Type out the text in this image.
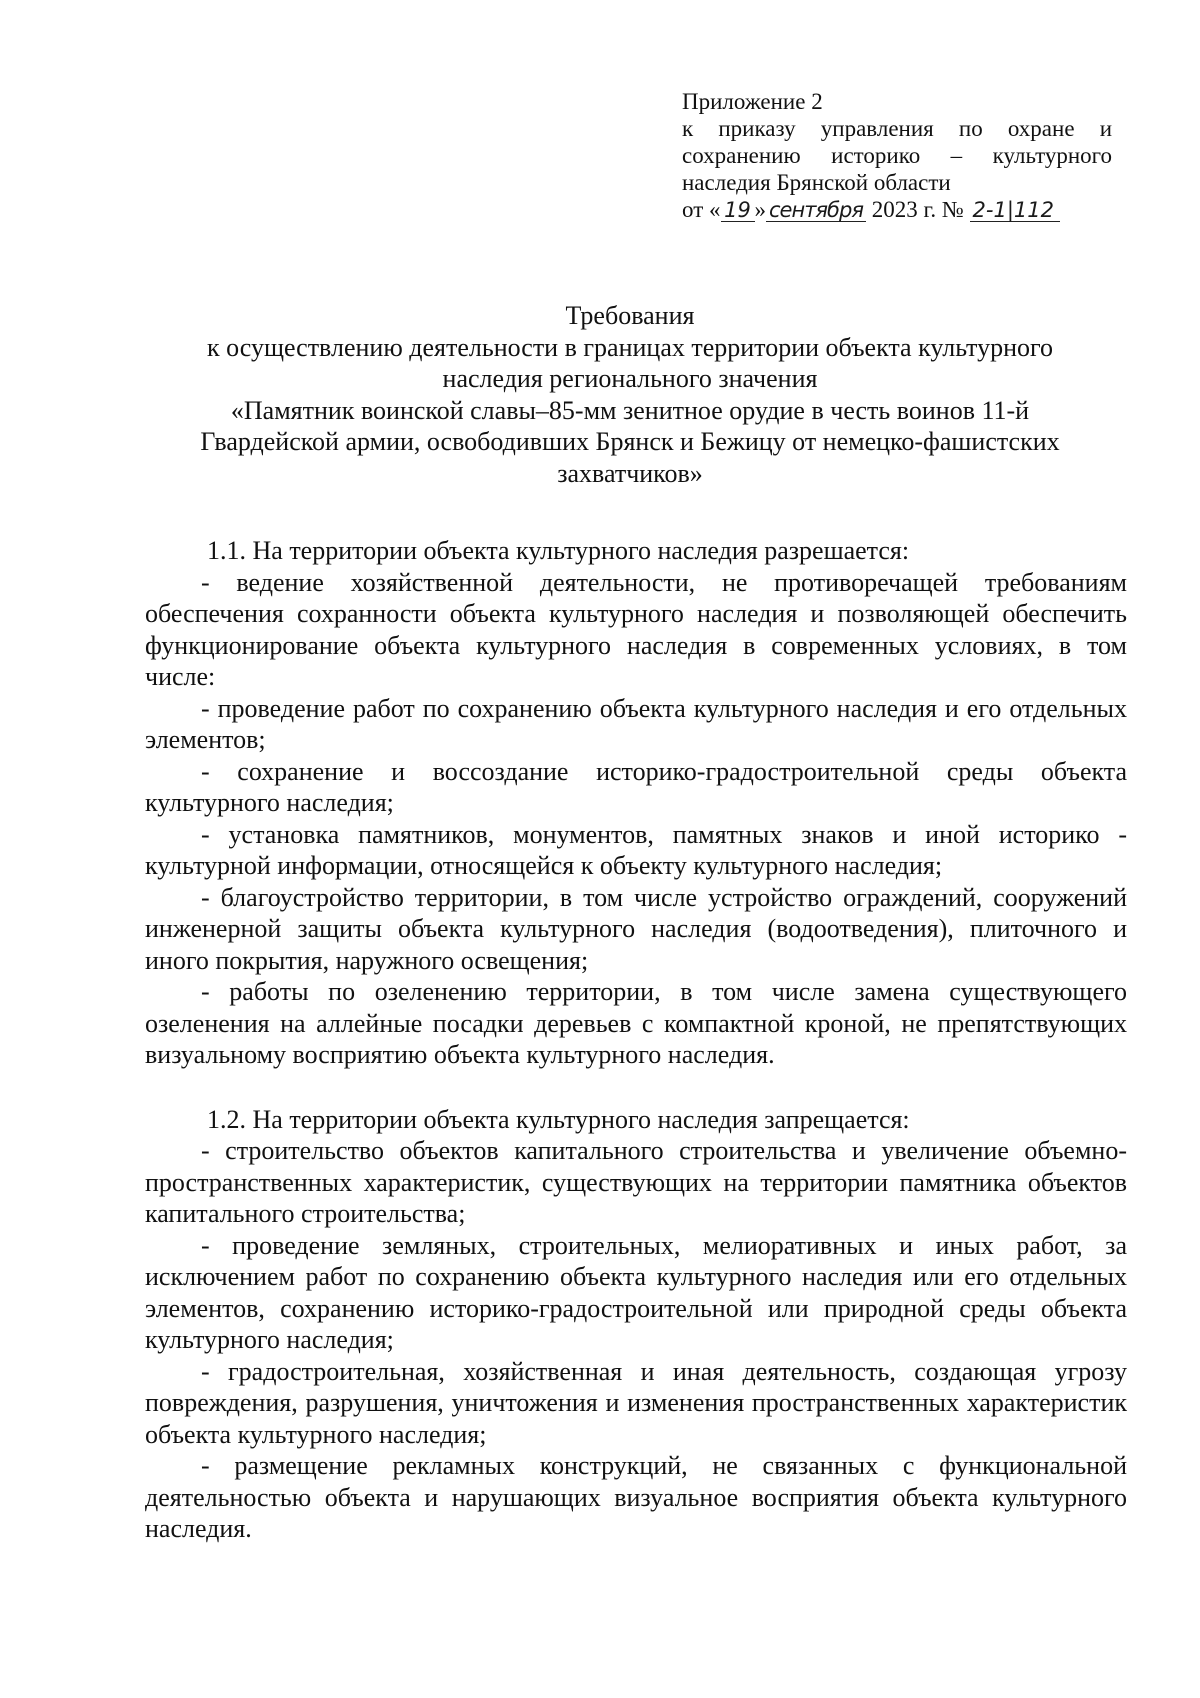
Приложение 2
к приказу управления по охране и
сохранению историко – культурного
наследия Брянской области
от « 19 » сентября 2023 г. № 2-1|112
Требования
к осуществлению деятельности в границах территории объекта культурного
наследия регионального значения
«Памятник воинской славы–85-мм зенитное орудие в честь воинов 11-й
Гвардейской армии, освободивших Брянск и Бежицу от немецко-фашистских
захватчиков»

1.1. На территории объекта культурного наследия разрешается:

- ведение хозяйственной деятельности, не противоречащей требованиям обеспечения сохранности объекта культурного наследия и позволяющей обеспечить функционирование объекта культурного наследия в современных условиях, в том числе:

- проведение работ по сохранению объекта культурного наследия и его отдельных элементов;

- сохранение и воссоздание историко-градостроительной среды объекта культурного наследия;

- установка памятников, монументов, памятных знаков и иной историко - культурной информации, относящейся к объекту культурного наследия;

- благоустройство территории, в том числе устройство ограждений, сооружений инженерной защиты объекта культурного наследия (водоотведения), плиточного и иного покрытия, наружного освещения;

- работы по озеленению территории, в том числе замена существующего озеленения на аллейные посадки деревьев с компактной кроной, не препятствующих визуальному восприятию объекта культурного наследия.

1.2. На территории объекта культурного наследия запрещается:

- строительство объектов капитального строительства и увеличение объемно-пространственных характеристик, существующих на территории памятника объектов капитального строительства;

- проведение земляных, строительных, мелиоративных и иных работ, за исключением работ по сохранению объекта культурного наследия или его отдельных элементов, сохранению историко-градостроительной или природной среды объекта культурного наследия;

- градостроительная, хозяйственная и иная деятельность, создающая угрозу повреждения, разрушения, уничтожения и изменения пространственных характеристик объекта культурного наследия;

- размещение рекламных конструкций, не связанных с функциональной деятельностью объекта и нарушающих визуальное восприятия объекта культурного наследия.
